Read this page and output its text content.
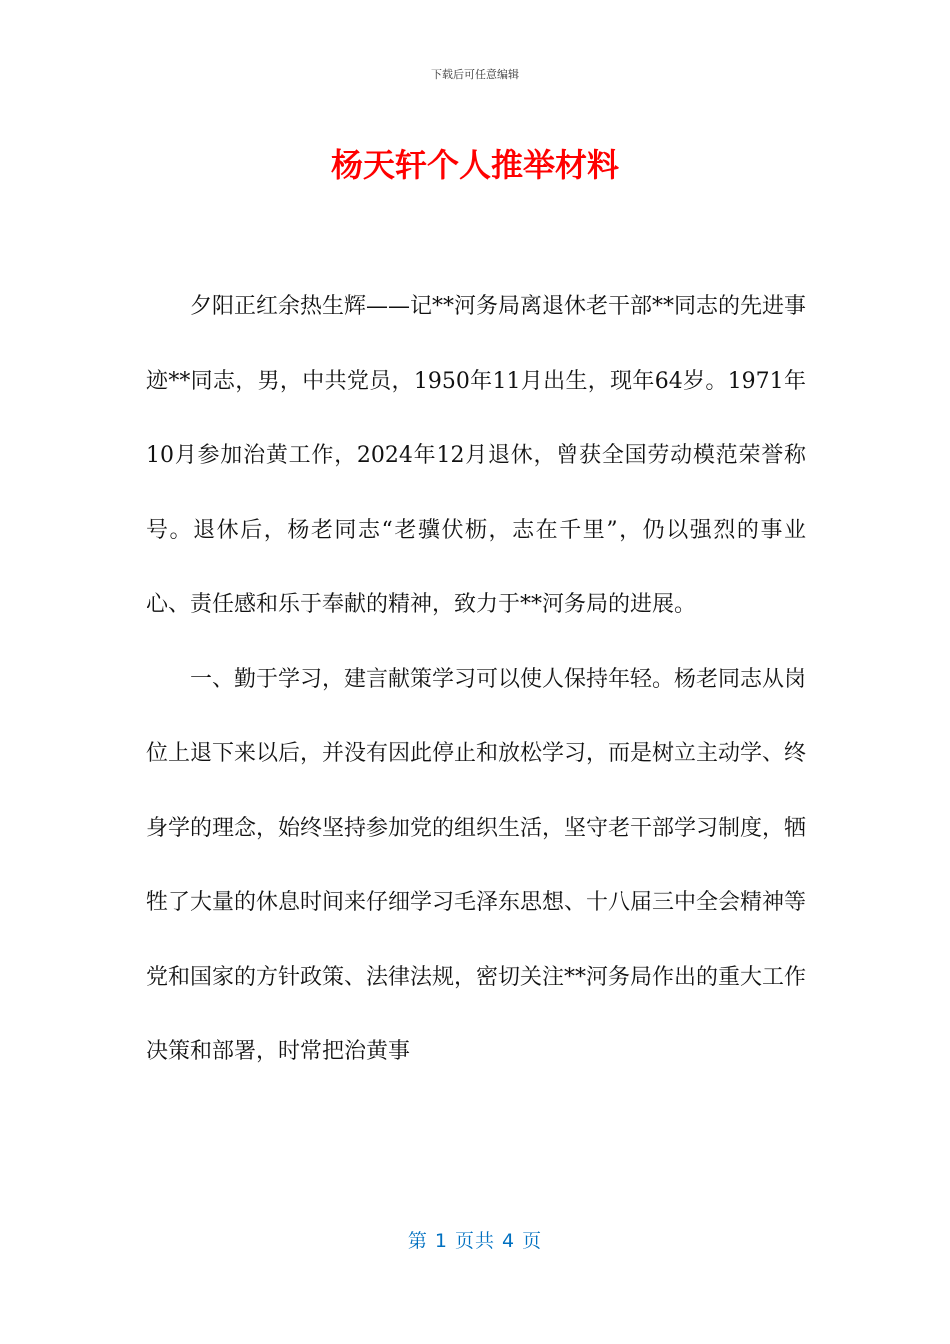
下载后可任意编辑
杨天轩个人推举材料

夕阳正红余热生辉——记**河务局离退休老干部**同志的先进事迹**同志，男，中共党员，1950年11月出生，现年64岁。1971年10月参加治黄工作，2024年12月退休，曾获全国劳动模范荣誉称号。退休后，杨老同志“老骥伏枥，志在千里”，仍以强烈的事业心、责任感和乐于奉献的精神，致力于**河务局的进展。

一、勤于学习，建言献策学习可以使人保持年轻。杨老同志从岗位上退下来以后，并没有因此停止和放松学习，而是树立主动学、终身学的理念，始终坚持参加党的组织生活，坚守老干部学习制度，牺牲了大量的休息时间来仔细学习毛泽东思想、十八届三中全会精神等党和国家的方针政策、法律法规，密切关注**河务局作出的重大工作决策和部署，时常把治黄事

第 1 页共 4 页
